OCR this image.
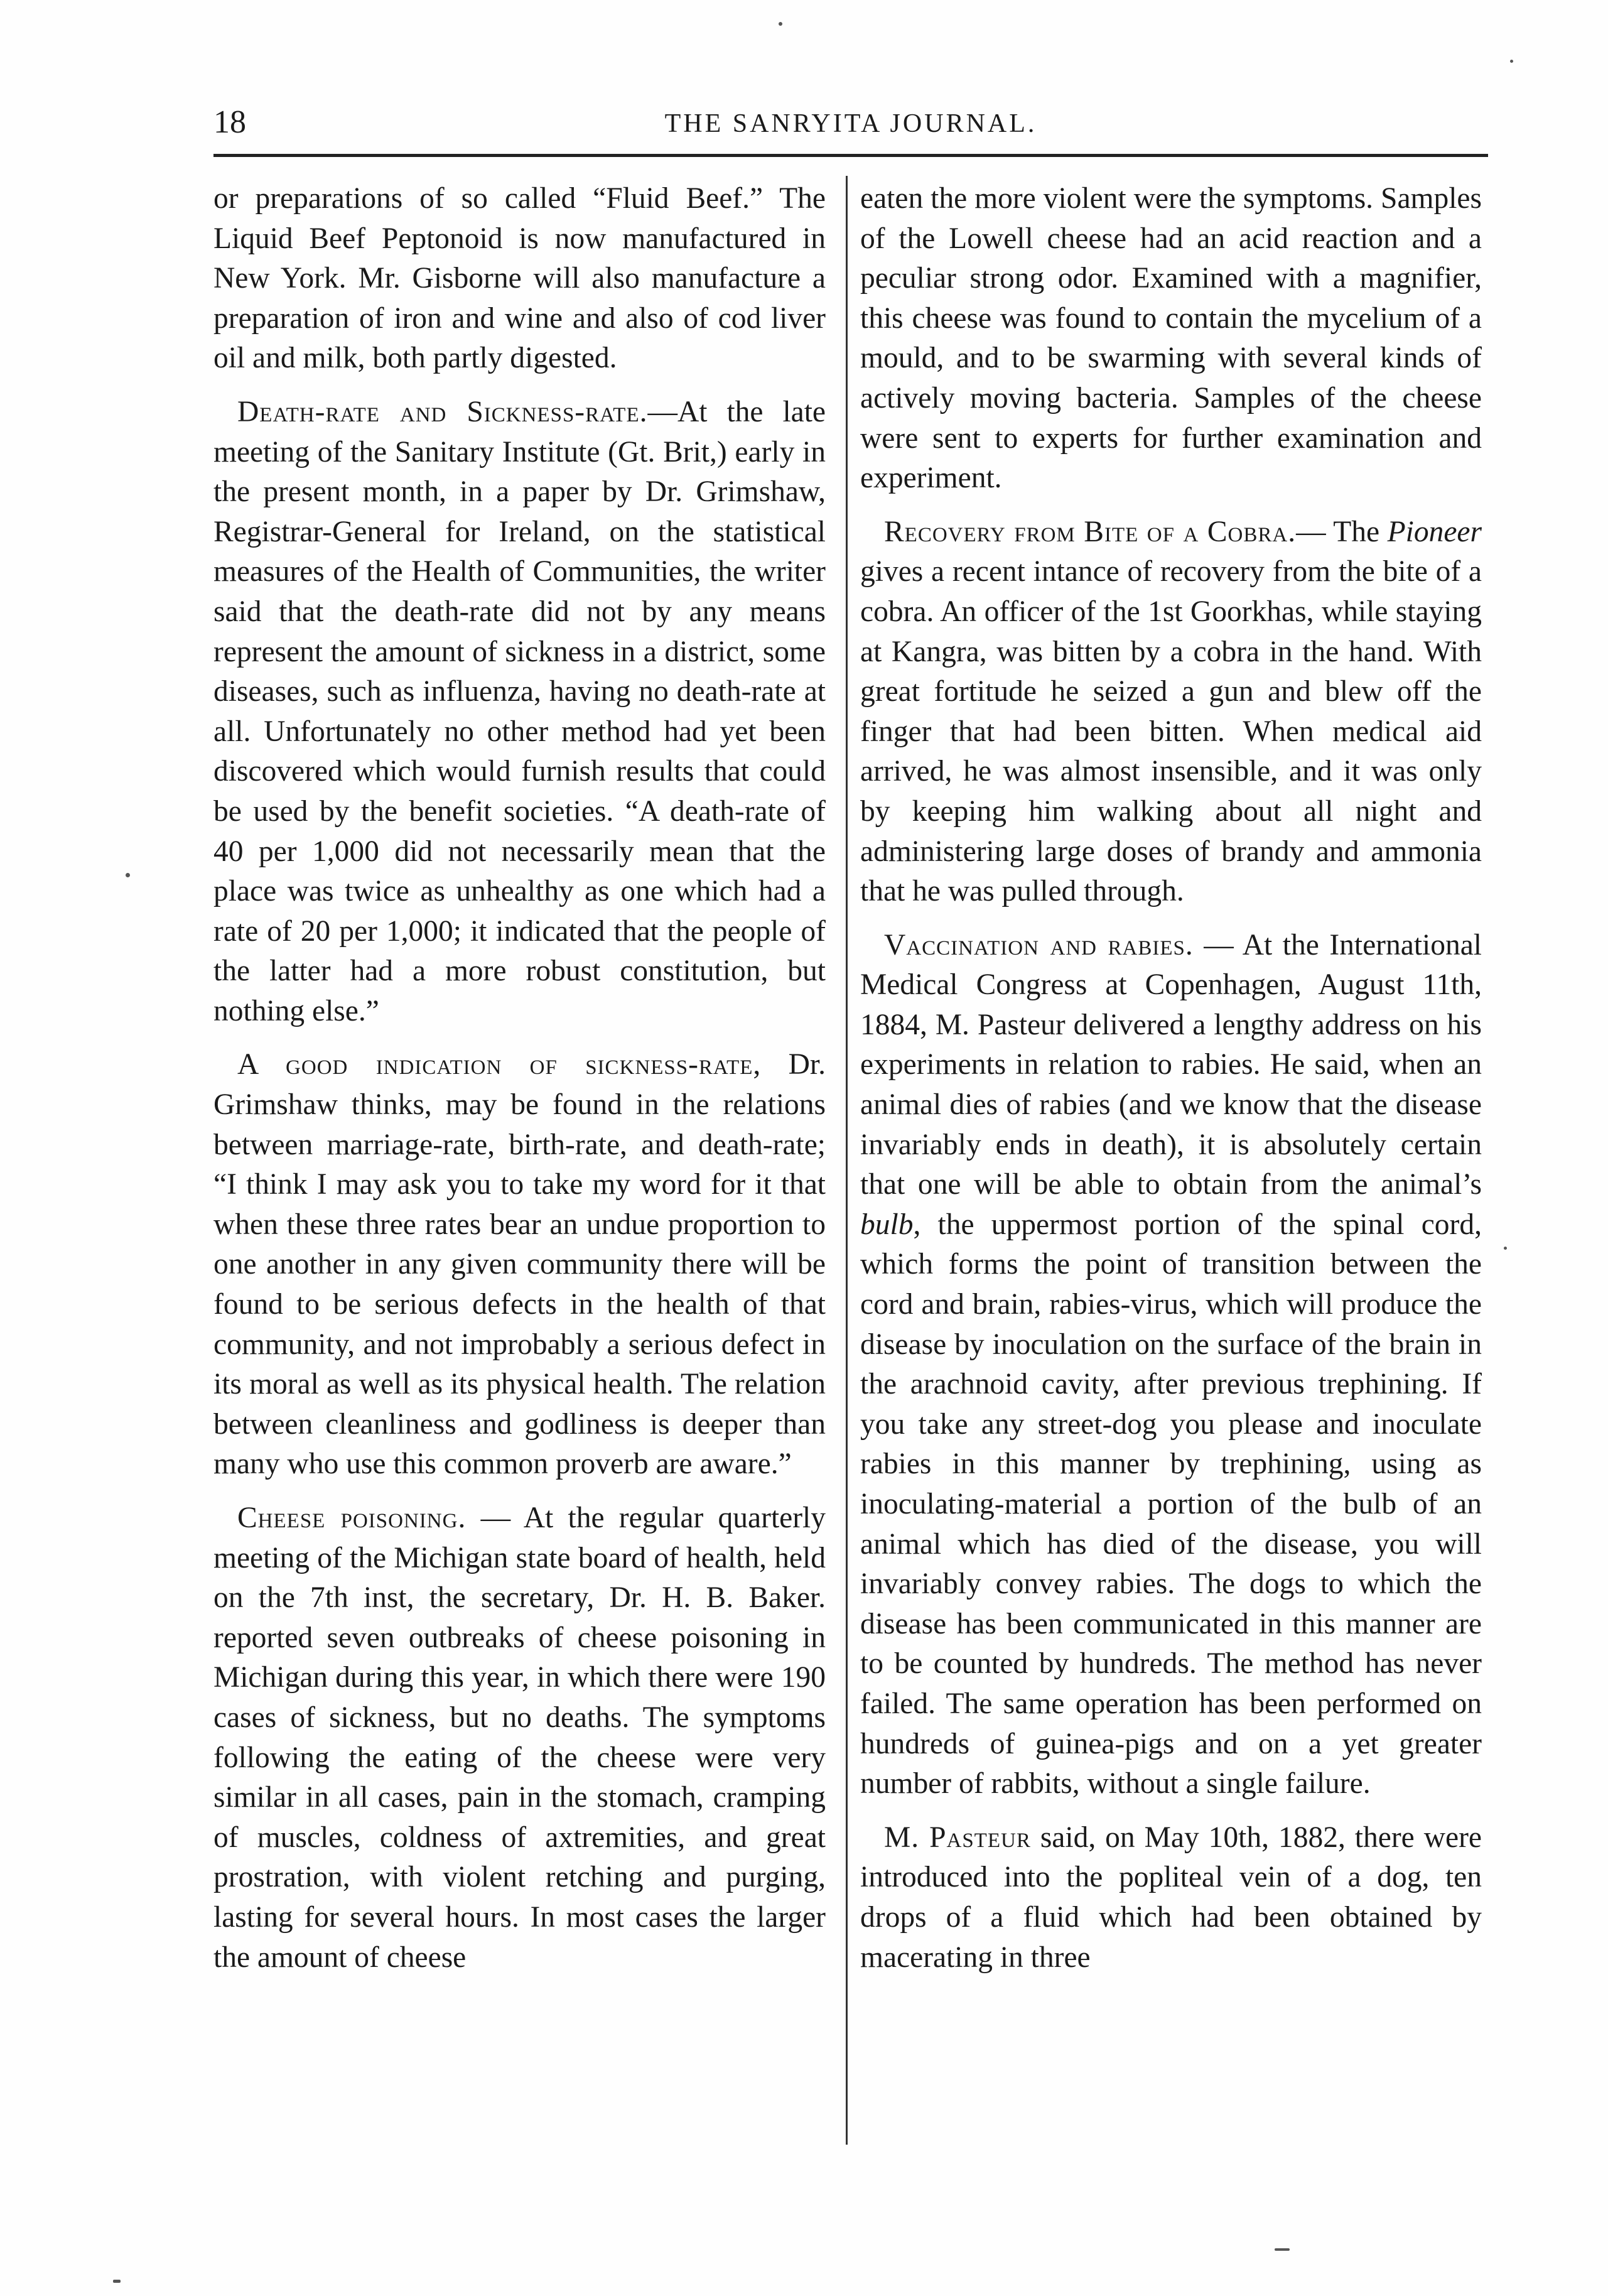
18	THE SANRYITA JOURNAL.

or preparations of so called “Fluid Beef.” The Liquid Beef Peptonoid is now manufactured in New York. Mr. Gisborne will also manufacture a preparation of iron and wine and also of cod liver oil and milk, both partly digested.

Death-rate and Sickness-rate.—At the late meeting of the Sanitary Institute (Gt. Brit,) early in the present month, in a paper by Dr. Grimshaw, Registrar-General for Ireland, on the statistical measures of the Health of Communities, the writer said that the death-rate did not by any means represent the amount of sickness in a district, some diseases, such as influenza, having no death-rate at all. Unfortunately no other method had yet been discovered which would furnish results that could be used by the benefit societies. “A death-rate of 40 per 1,000 did not necessarily mean that the place was twice as unhealthy as one which had a rate of 20 per 1,000; it indicated that the people of the latter had a more robust constitution, but nothing else.”

A good indication of sickness-rate, Dr. Grimshaw thinks, may be found in the relations between marriage-rate, birth-rate, and death-rate; “I think I may ask you to take my word for it that when these three rates bear an undue proportion to one another in any given community there will be found to be serious defects in the health of that community, and not improbably a serious defect in its moral as well as its physical health. The relation between cleanliness and godliness is deeper than many who use this common proverb are aware.”

Cheese poisoning. — At the regular quarterly meeting of the Michigan state board of health, held on the 7th inst, the secretary, Dr. H. B. Baker. reported seven outbreaks of cheese poisoning in Michigan during this year, in which there were 190 cases of sickness, but no deaths. The symptoms following the eating of the cheese were very similar in all cases, pain in the stomach, cramping of muscles, coldness of axtremities, and great prostration, with violent retching and purging, lasting for several hours. In most cases the larger the amount of cheese

eaten the more violent were the symptoms. Samples of the Lowell cheese had an acid reaction and a peculiar strong odor. Examined with a magnifier, this cheese was found to contain the mycelium of a mould, and to be swarming with several kinds of actively moving bacteria. Samples of the cheese were sent to experts for further examination and experiment.

Recovery from Bite of a Cobra.— The Pioneer gives a recent intance of recovery from the bite of a cobra. An officer of the 1st Goorkhas, while staying at Kangra, was bitten by a cobra in the hand. With great fortitude he seized a gun and blew off the finger that had been bitten. When medical aid arrived, he was almost insensible, and it was only by keeping him walking about all night and administering large doses of brandy and ammonia that he was pulled through.

Vaccination and rabies. — At the International Medical Congress at Copenhagen, August 11th, 1884, M. Pasteur delivered a lengthy address on his experiments in relation to rabies. He said, when an animal dies of rabies (and we know that the disease invariably ends in death), it is absolutely certain that one will be able to obtain from the animal’s bulb, the uppermost portion of the spinal cord, which forms the point of transition between the cord and brain, rabies-virus, which will produce the disease by inoculation on the surface of the brain in the arachnoid cavity, after previous trephining. If you take any street-dog you please and inoculate rabies in this manner by trephining, using as inoculating-material a portion of the bulb of an animal which has died of the disease, you will invariably convey rabies. The dogs to which the disease has been communicated in this manner are to be counted by hundreds. The method has never failed. The same operation has been performed on hundreds of guinea-pigs and on a yet greater number of rabbits, without a single failure.

M. Pasteur said, on May 10th, 1882, there were introduced into the popliteal vein of a dog, ten drops of a fluid which had been obtained by macerating in three
